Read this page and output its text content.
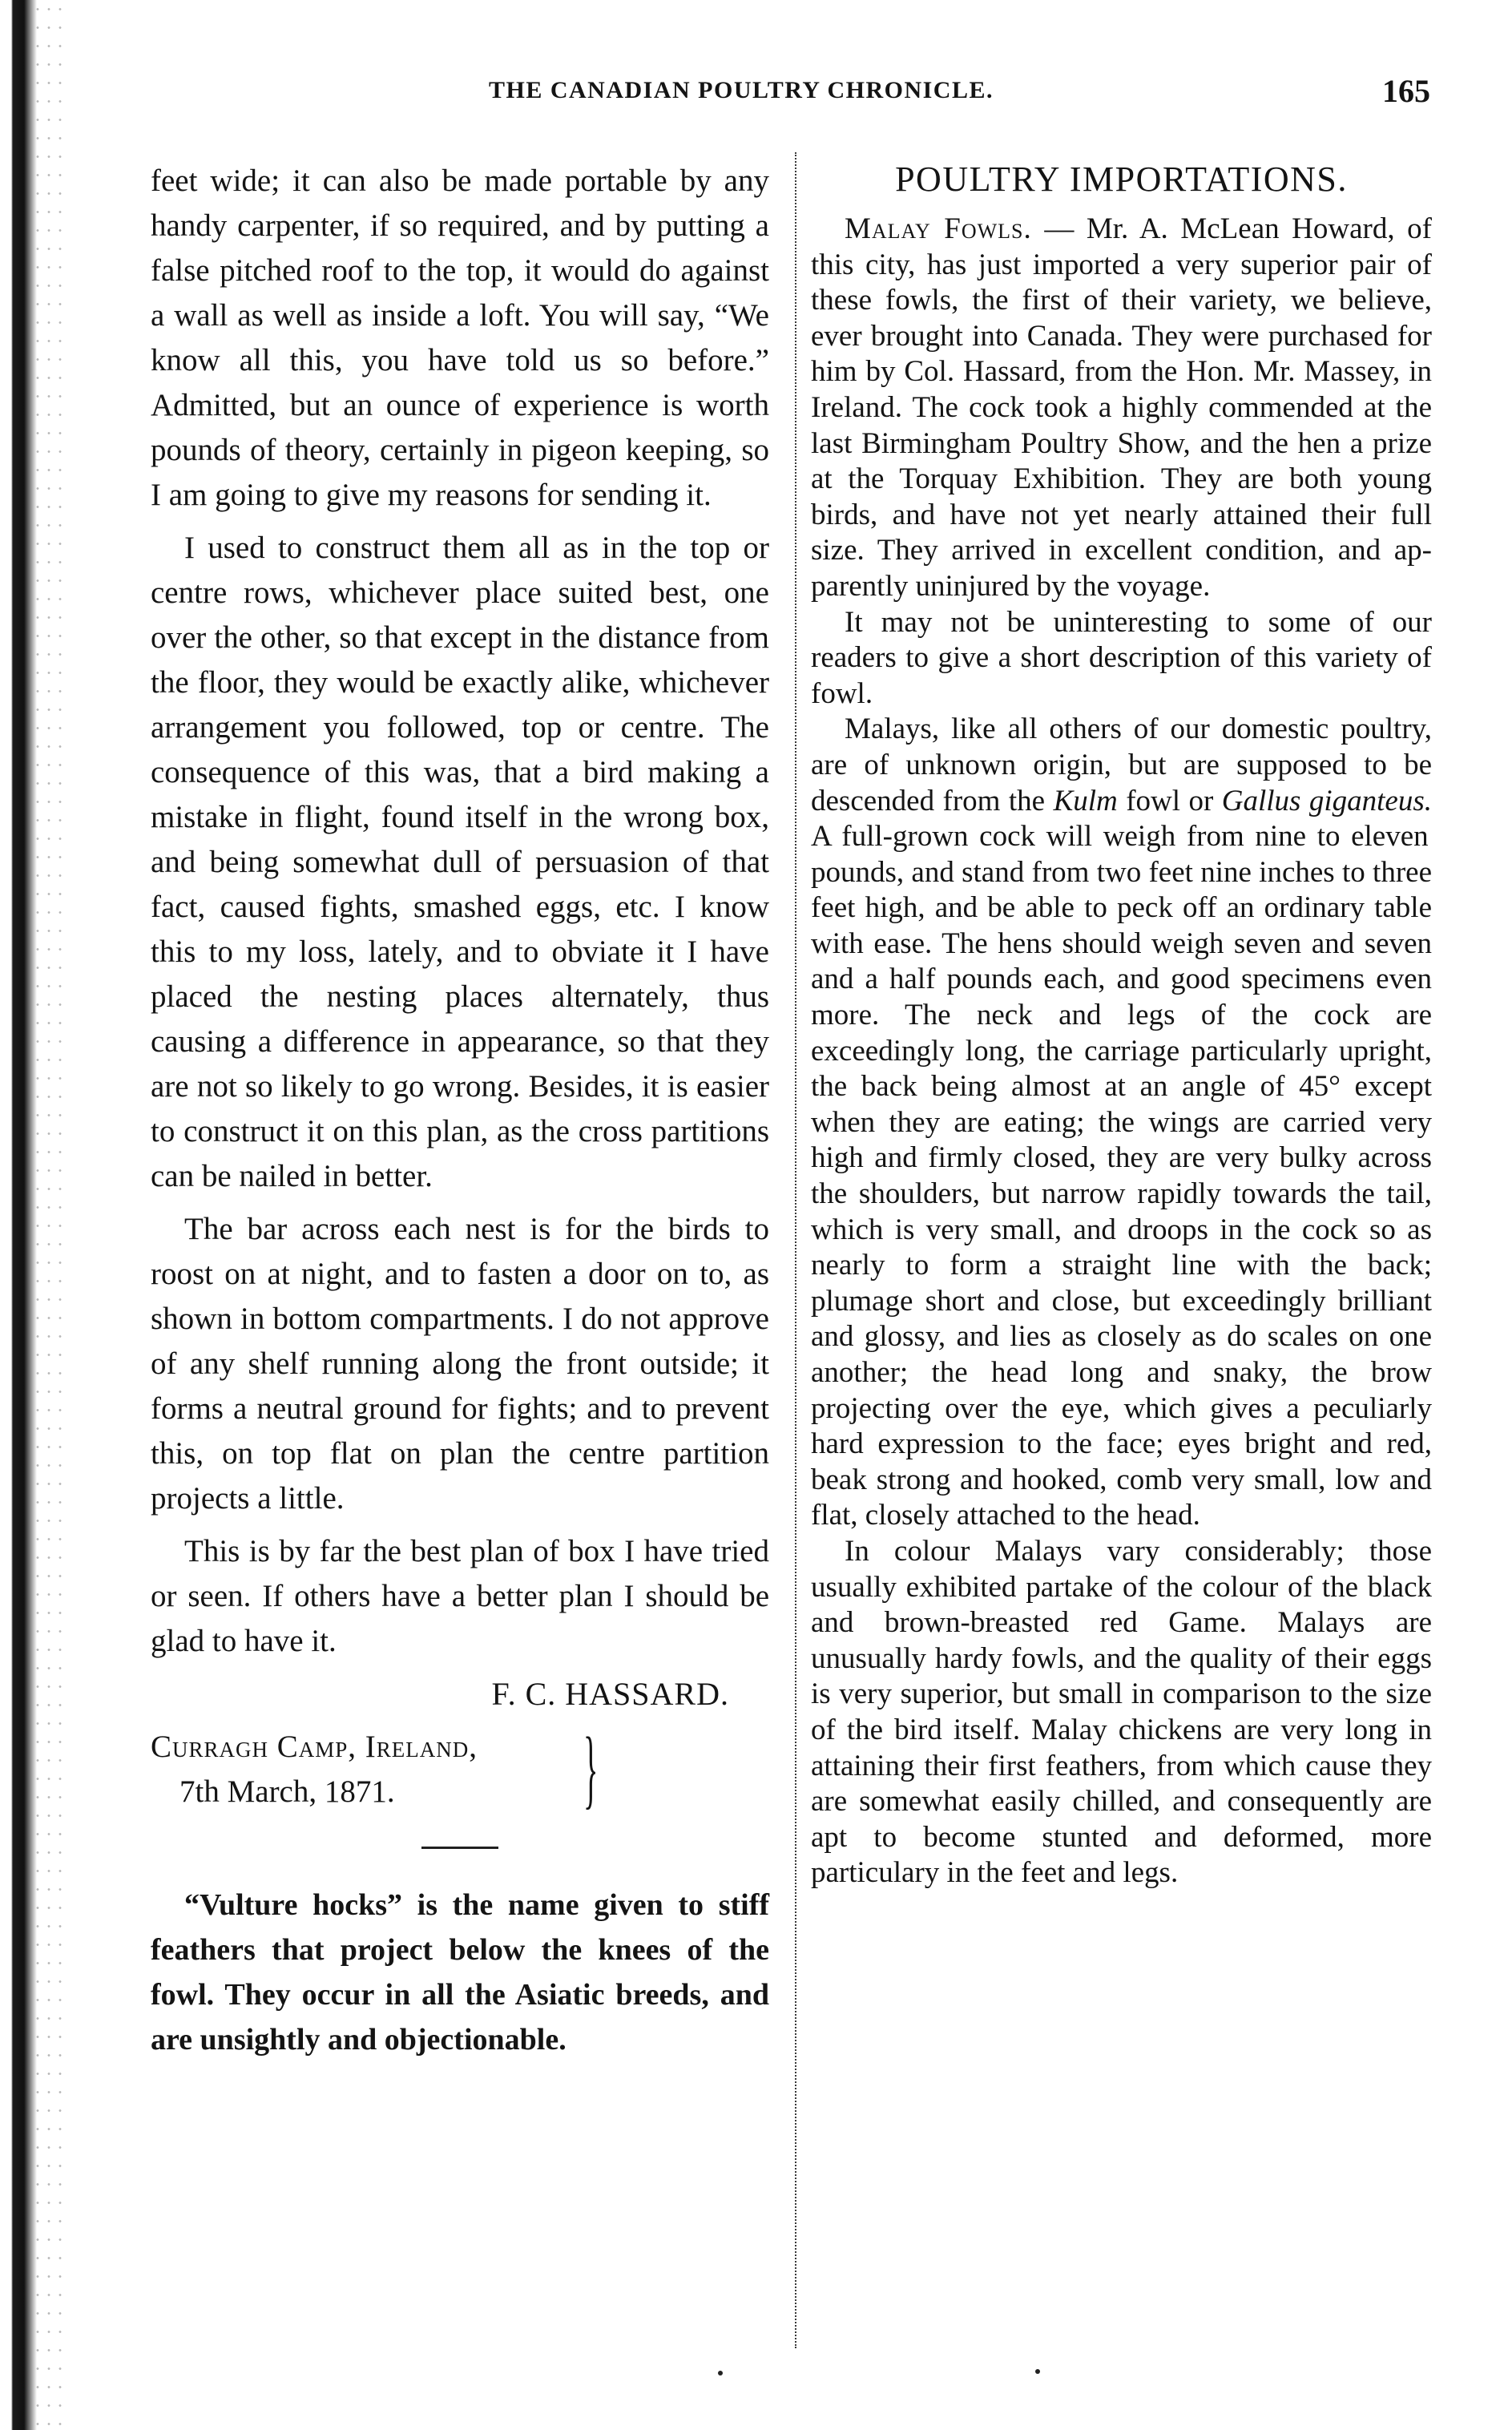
THE CANADIAN POULTRY CHRONICLE.	165

feet wide; it can also be made portable by any handy carpenter, if so required, and by putting a false pitched roof to the top, it would do against a wall as well as inside a loft. You will say, “We know all this, you have told us so before.” Admitted, but an ounce of experience is worth pounds of theory, certainly in pigeon keeping, so I am going to give my reasons for sending it.

I used to construct them all as in the top or centre rows, whichever place suited best, one over the other, so that except in the distance from the floor, they would be exactly alike, whichever arrangement you followed, top or centre. The consequence of this was, that a bird making a mistake in flight, found itself in the wrong box, and being somewhat dull of persuasion of that fact, caused fights, smashed eggs, etc. I know this to my loss, lately, and to obviate it I have placed the nesting places alternately, thus causing a difference in appearance, so that they are not so likely to go wrong. Besides, it is easier to construct it on this plan, as the cross partitions can be nailed in better.

The bar across each nest is for the birds to roost on at night, and to fasten a door on to, as shown in bottom compartments. I do not approve of any shelf running along the front outside; it forms a neutral ground for fights; and to prevent this, on top flat on plan the centre partition projects a little.

This is by far the best plan of box I have tried or seen. If others have a better plan I should be glad to have it.

F. C. HASSARD.
Curragh Camp, Ireland,
7th March, 1871.	}

“Vulture hocks” is the name given to stiff feathers that project below the knees of the fowl. They occur in all the Asiatic breeds, and are unsightly and objectionable.

POULTRY IMPORTATIONS.

Malay Fowls. — Mr. A. McLean Howard, of this city, has just imported a very superior pair of these fowls, the first of their variety, we believe, ever brought into Canada. They were purchased for him by Col. Hassard, from the Hon. Mr. Massey, in Ireland. The cock took a highly commended at the last Birmingham Poultry Show, and the hen a prize at the Torquay Exhibition. They are both young birds, and have not yet nearly attained their full size. They arrived in excellent condition, and apparently uninjured by the voyage.

It may not be uninteresting to some of our readers to give a short description of this variety of fowl.

Malays, like all others of our domestic poultry, are of unknown origin, but are supposed to be descended from the Kulm fowl or Gallus giganteus. A full-grown cock will weigh from nine to eleven pounds, and stand from two feet nine inches to three feet high, and be able to peck off an ordinary table with ease. The hens should weigh seven and seven and a half pounds each, and good specimens even more. The neck and legs of the cock are exceedingly long, the carriage particularly upright, the back being almost at an angle of 45° except when they are eating; the wings are carried very high and firmly closed, they are very bulky across the shoulders, but narrow rapidly towards the tail, which is very small, and droops in the cock so as nearly to form a straight line with the back; plumage short and close, but exceedingly brilliant and glossy, and lies as closely as do scales on one another; the head long and snaky, the brow projecting over the eye, which gives a peculiarly hard expression to the face; eyes bright and red, beak strong and hooked, comb very small, low and flat, closely attached to the head.

In colour Malays vary considerably; those usually exhibited partake of the colour of the black and brown-breasted red Game. Malays are unusually hardy fowls, and the quality of their eggs is very superior, but small in comparison to the size of the bird itself. Malay chickens are very long in attaining their first feathers, from which cause they are somewhat easily chilled, and consequently are apt to become stunted and deformed, more particulary in the feet and legs.
